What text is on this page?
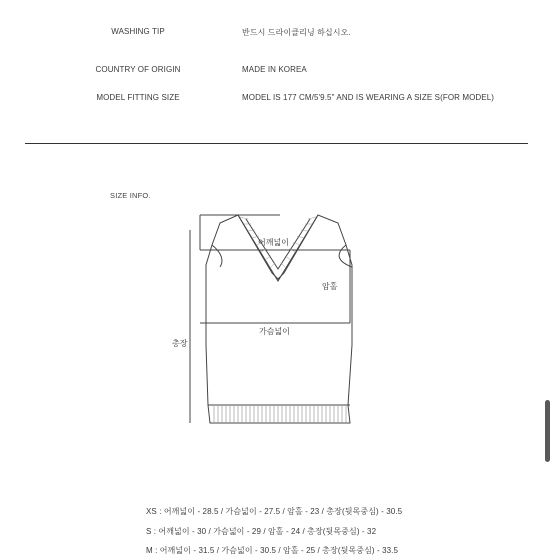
WASHING TIP	반드시 드라이클리닝 하십시오.
COUNTRY OF ORIGIN	MADE IN KOREA
MODEL FITTING SIZE	MODEL IS 177 CM/5'9.5" AND IS WEARING A SIZE S(FOR MODEL)
SIZE INFO.
어깨넓이
암홀
가슴넓이
총장
XS : 어깨넓이 - 28.5 / 가슴넓이 - 27.5 / 암홀 - 23 / 총장(뒷목중심) - 30.5
S : 어깨넓이 - 30 / 가슴넓이 - 29 / 암홀 - 24 / 총장(뒷목중심) - 32
M : 어깨넓이 - 31.5 / 가슴넓이 - 30.5 / 암홀 - 25 / 총장(뒷목중심) - 33.5
